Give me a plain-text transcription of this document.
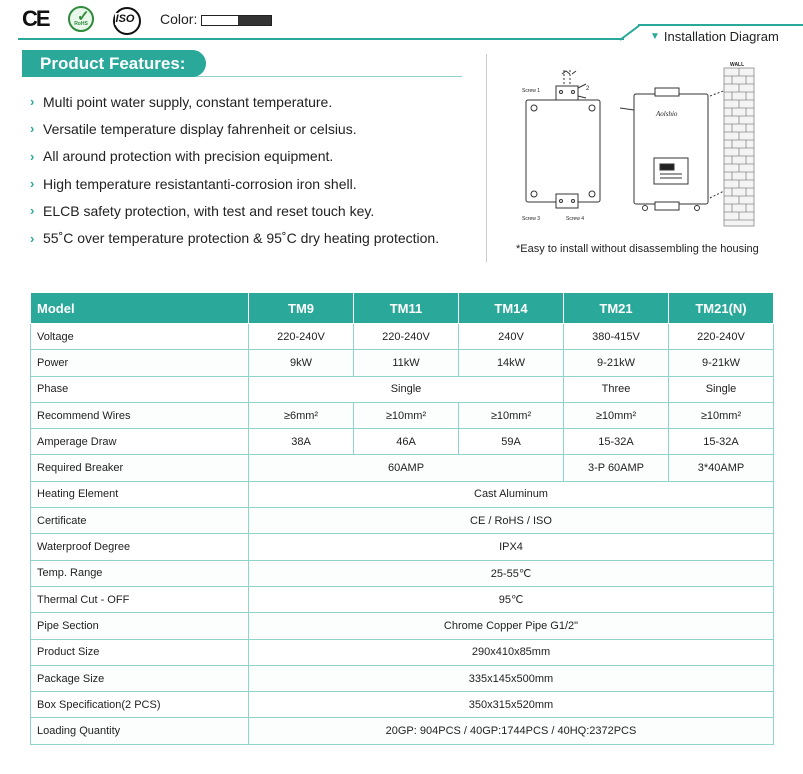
CE	✓ RoHS	ISO Color:
▼ Installation Diagram
Product Features:
› Multi point water supply, constant temperature.
› Versatile temperature display fahrenheit or celsius.
› All around protection with precision equipment.
› High temperature resistantanti-corrosion iron shell.
› ELCB safety protection, with test and reset touch key.
› 55˚C over temperature protection & 95˚C dry heating protection.
Screw 1	2
Screw 3	Screw 4
Aolshio
WALL
*Easy to install without disassembling the housing
Model	TM9	TM11	TM14	TM21	TM21(N)
Voltage	220-240V	220-240V	240V	380-415V	220-240V
Power	9kW	11kW	14kW	9-21kW	9-21kW
Phase	Single			Three	Single
Recommend Wires	≥6mm²	≥10mm²	≥10mm²	≥10mm²	≥10mm²
Amperage Draw	38A	46A	59A	15-32A	15-32A
Required Breaker	60AMP			3-P 60AMP	3*40AMP
Heating Element	Cast Aluminum				
Certificate	CE / RoHS / ISO				
Waterproof Degree	IPX4				
Temp. Range	25-55℃				
Thermal Cut - OFF	95℃				
Pipe Section	Chrome Copper Pipe G1/2"				
Product Size	290x410x85mm				
Package Size	335x145x500mm				
Box Specification(2 PCS)	350x315x520mm				
Loading Quantity	20GP: 904PCS / 40GP:1744PCS / 40HQ:2372PCS				
